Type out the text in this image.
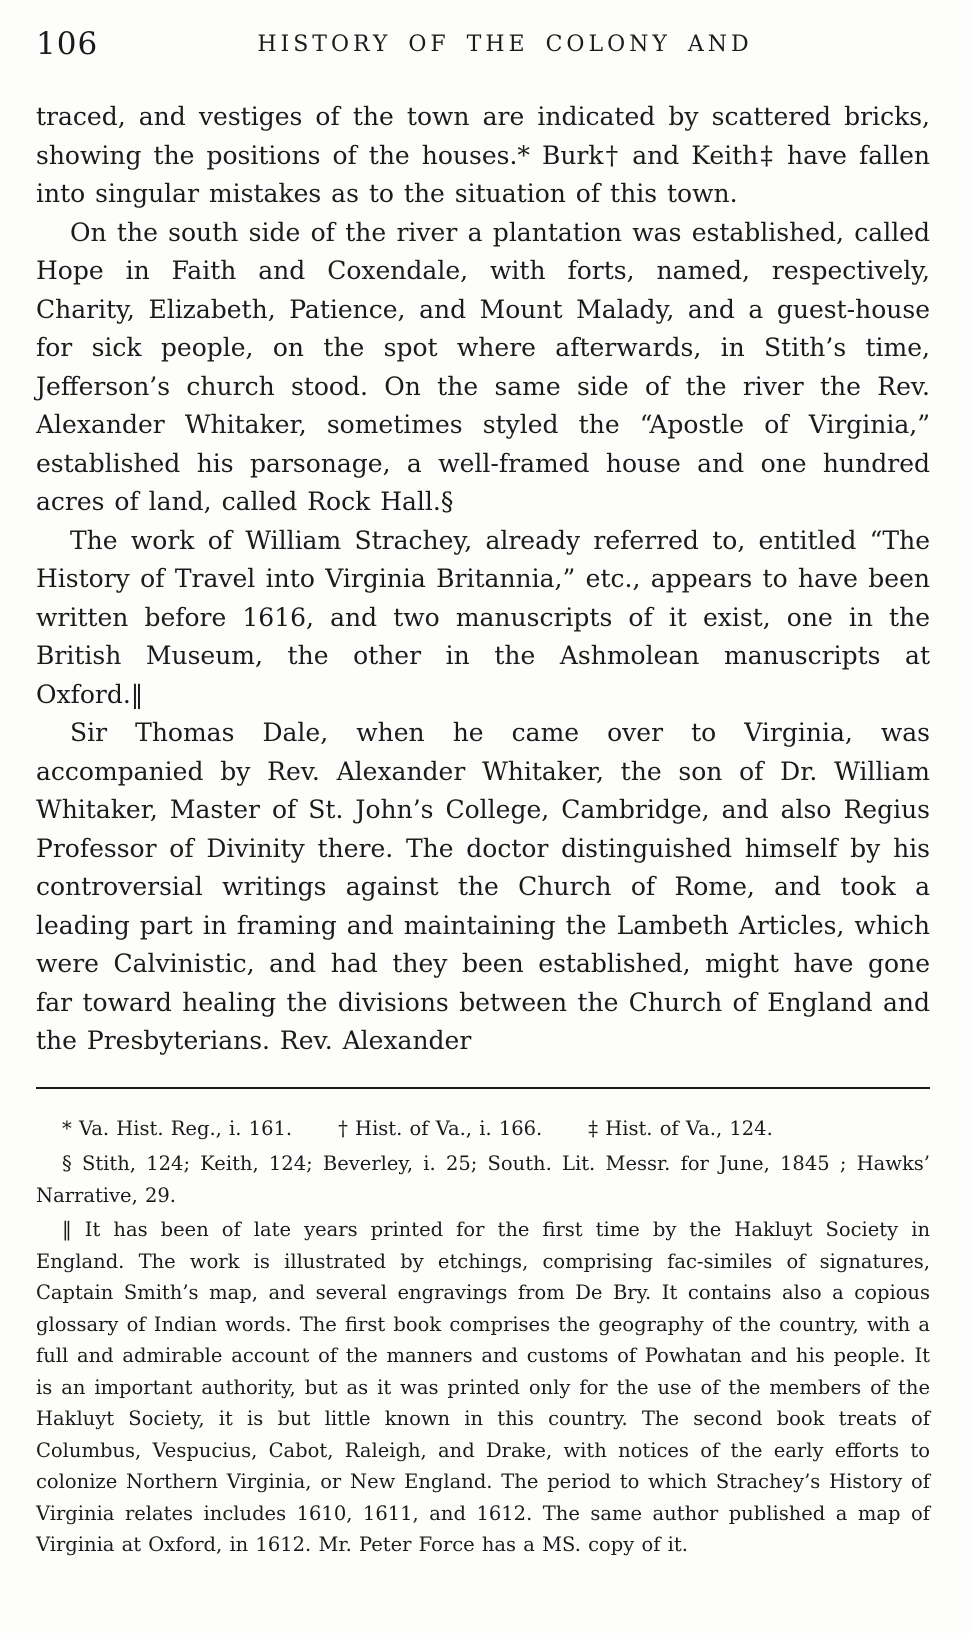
106	HISTORY OF THE COLONY AND

traced, and vestiges of the town are indicated by scattered bricks, showing the positions of the houses.* Burk† and Keith‡ have fallen into singular mistakes as to the situation of this town.

On the south side of the river a plantation was established, called Hope in Faith and Coxendale, with forts, named, respectively, Charity, Elizabeth, Patience, and Mount Malady, and a guest-house for sick people, on the spot where afterwards, in Stith’s time, Jefferson’s church stood. On the same side of the river the Rev. Alexander Whitaker, sometimes styled the “Apostle of Virginia,” established his parsonage, a well-framed house and one hundred acres of land, called Rock Hall.§

The work of William Strachey, already referred to, entitled “The History of Travel into Virginia Britannia,” etc., appears to have been written before 1616, and two manuscripts of it exist, one in the British Museum, the other in the Ashmolean manuscripts at Oxford.‖

Sir Thomas Dale, when he came over to Virginia, was accompanied by Rev. Alexander Whitaker, the son of Dr. William Whitaker, Master of St. John’s College, Cambridge, and also Regius Professor of Divinity there. The doctor distinguished himself by his controversial writings against the Church of Rome, and took a leading part in framing and maintaining the Lambeth Articles, which were Calvinistic, and had they been established, might have gone far toward healing the divisions between the Church of England and the Presbyterians. Rev. Alexander

* Va. Hist. Reg., i. 161. † Hist. of Va., i. 166. ‡ Hist. of Va., 124.

§ Stith, 124; Keith, 124; Beverley, i. 25; South. Lit. Messr. for June, 1845 ; Hawks’ Narrative, 29.

‖ It has been of late years printed for the first time by the Hakluyt Society in England. The work is illustrated by etchings, comprising fac-similes of signatures, Captain Smith’s map, and several engravings from De Bry. It contains also a copious glossary of Indian words. The first book comprises the geography of the country, with a full and admirable account of the manners and customs of Powhatan and his people. It is an important authority, but as it was printed only for the use of the members of the Hakluyt Society, it is but little known in this country. The second book treats of Columbus, Vespucius, Cabot, Raleigh, and Drake, with notices of the early efforts to colonize Northern Virginia, or New England. The period to which Strachey’s History of Virginia relates includes 1610, 1611, and 1612. The same author published a map of Virginia at Oxford, in 1612. Mr. Peter Force has a MS. copy of it.
